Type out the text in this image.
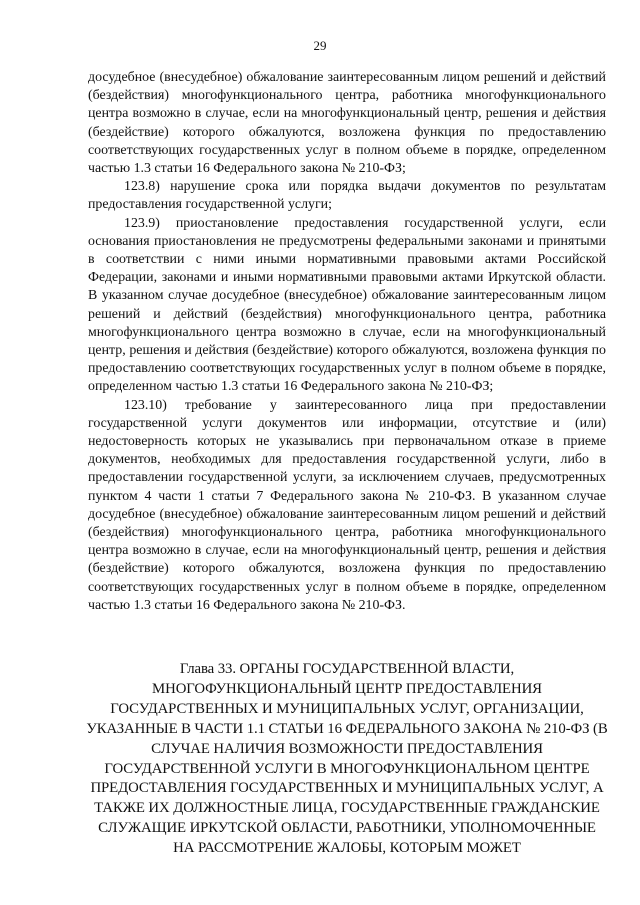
29

досудебное (внесудебное) обжалование заинтересованным лицом решений и действий (бездействия) многофункционального центра, работника многофункционального центра возможно в случае, если на многофункциональный центр, решения и действия (бездействие) которого обжалуются, возложена функция по предоставлению соответствующих государственных услуг в полном объеме в порядке, определенном частью 1.3 статьи 16 Федерального закона № 210-ФЗ;

123.8) нарушение срока или порядка выдачи документов по результатам предоставления государственной услуги;

123.9) приостановление предоставления государственной услуги, если основания приостановления не предусмотрены федеральными законами и принятыми в соответствии с ними иными нормативными правовыми актами Российской Федерации, законами и иными нормативными правовыми актами Иркутской области. В указанном случае досудебное (внесудебное) обжалование заинтересованным лицом решений и действий (бездействия) многофункционального центра, работника многофункционального центра возможно в случае, если на многофункциональный центр, решения и действия (бездействие) которого обжалуются, возложена функция по предоставлению соответствующих государственных услуг в полном объеме в порядке, определенном частью 1.3 статьи 16 Федерального закона № 210-ФЗ;

123.10) требование у заинтересованного лица при предоставлении государственной услуги документов или информации, отсутствие и (или) недостоверность которых не указывались при первоначальном отказе в приеме документов, необходимых для предоставления государственной услуги, либо в предоставлении государственной услуги, за исключением случаев, предусмотренных пунктом 4 части 1 статьи 7 Федерального закона № 210-ФЗ. В указанном случае досудебное (внесудебное) обжалование заинтересованным лицом решений и действий (бездействия) многофункционального центра, работника многофункционального центра возможно в случае, если на многофункциональный центр, решения и действия (бездействие) которого обжалуются, возложена функция по предоставлению соответствующих государственных услуг в полном объеме в порядке, определенном частью 1.3 статьи 16 Федерального закона № 210-ФЗ.

Глава 33. ОРГАНЫ ГОСУДАРСТВЕННОЙ ВЛАСТИ, МНОГОФУНКЦИОНАЛЬНЫЙ ЦЕНТР ПРЕДОСТАВЛЕНИЯ ГОСУДАРСТВЕННЫХ И МУНИЦИПАЛЬНЫХ УСЛУГ, ОРГАНИЗАЦИИ, УКАЗАННЫЕ В ЧАСТИ 1.1 СТАТЬИ 16 ФЕДЕРАЛЬНОГО ЗАКОНА № 210-ФЗ (В СЛУЧАЕ НАЛИЧИЯ ВОЗМОЖНОСТИ ПРЕДОСТАВЛЕНИЯ ГОСУДАРСТВЕННОЙ УСЛУГИ В МНОГОФУНКЦИОНАЛЬНОМ ЦЕНТРЕ ПРЕДОСТАВЛЕНИЯ ГОСУДАРСТВЕННЫХ И МУНИЦИПАЛЬНЫХ УСЛУГ, А ТАКЖЕ ИХ ДОЛЖНОСТНЫЕ ЛИЦА, ГОСУДАРСТВЕННЫЕ ГРАЖДАНСКИЕ СЛУЖАЩИЕ ИРКУТСКОЙ ОБЛАСТИ, РАБОТНИКИ, УПОЛНОМОЧЕННЫЕ НА РАССМОТРЕНИЕ ЖАЛОБЫ, КОТОРЫМ МОЖЕТ
